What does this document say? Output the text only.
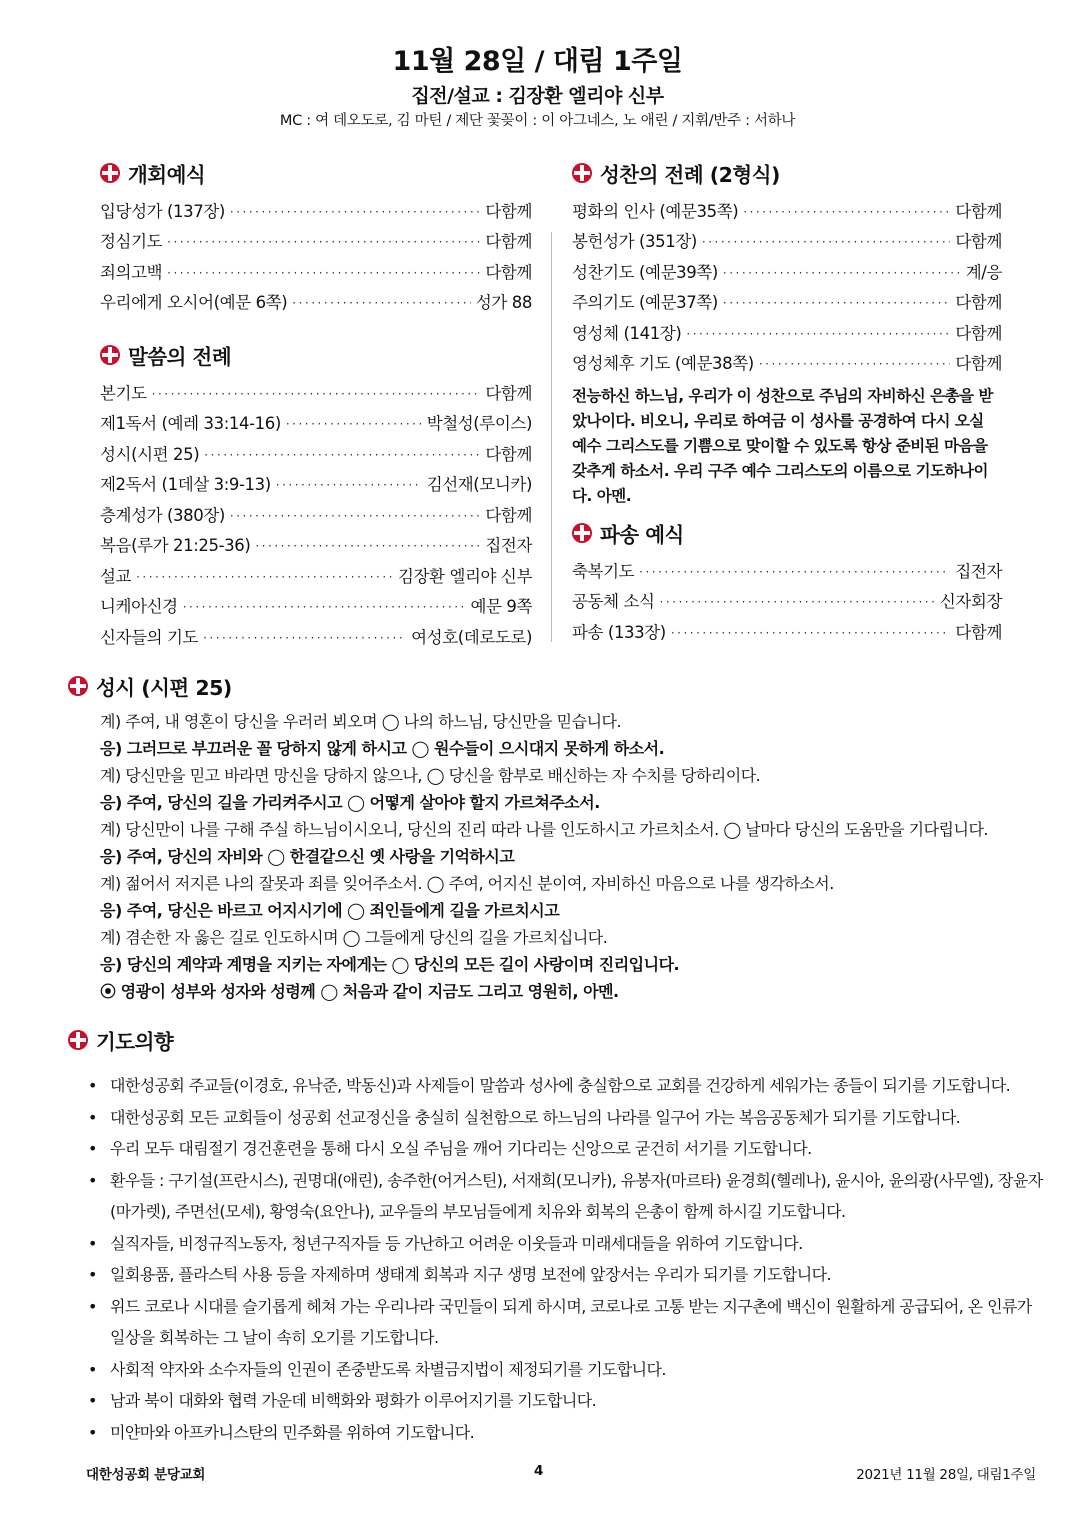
11월 28일 / 대림 1주일
집전/설교 : 김장환 엘리야 신부
MC : 여 데오도로, 김 마틴 / 제단 꽃꽂이 : 이 아그네스, 노 애린 / 지휘/반주 : 서하나
개회예식
입당성가 (137장) ·····	다함께
정심기도 ·····	다함께
죄의고백 ·····	다함께
우리에게 오시어(예문 6쪽) ·····	성가 88
말씀의 전례
본기도 ·····	다함께
제1독서 (예레 33:14-16) ·····	박철성(루이스)
성시(시편 25) ·····	다함께
제2독서 (1데살 3:9-13) ·····	김선재(모니카)
층계성가 (380장) ·····	다함께
복음(루가 21:25-36) ·····	집전자
설교 ·····	김장환 엘리야 신부
니케아신경 ·····	예문 9쪽
신자들의 기도 ·····	여성호(데로도로)
성찬의 전례 (2형식)
평화의 인사 (예문35쪽) ·····	다함께
봉헌성가 (351장) ·····	다함께
성찬기도 (예문39쪽) ·····	계/응
주의기도 (예문37쪽) ·····	다함께
영성체 (141장) ·····	다함께
영성체후 기도 (예문38쪽) ·····	다함께
전능하신 하느님, 우리가 이 성찬으로 주님의 자비하신 은총을 받았나이다. 비오니, 우리로 하여금 이 성사를 공경하여 다시 오실 예수 그리스도를 기쁨으로 맞이할 수 있도록 항상 준비된 마음을 갖추게 하소서. 우리 구주 예수 그리스도의 이름으로 기도하나이다. 아멘.
파송 예식
축복기도 ·····	집전자
공동체 소식 ·····	신자회장
파송 (133장) ·····	다함께
성시 (시편 25)
계) 주여, 내 영혼이 당신을 우러러 뵈오며 ◯ 나의 하느님, 당신만을 믿습니다.
응) 그러므로 부끄러운 꼴 당하지 않게 하시고 ◯ 원수들이 으시대지 못하게 하소서.
계) 당신만을 믿고 바라면 망신을 당하지 않으나, ◯ 당신을 함부로 배신하는 자 수치를 당하리이다.
응) 주여, 당신의 길을 가리켜주시고 ◯ 어떻게 살아야 할지 가르쳐주소서.
계) 당신만이 나를 구해 주실 하느님이시오니, 당신의 진리 따라 나를 인도하시고 가르치소서. ◯ 날마다 당신의 도움만을 기다립니다.
응) 주여, 당신의 자비와 ◯ 한결같으신 옛 사랑을 기억하시고
계) 젊어서 저지른 나의 잘못과 죄를 잊어주소서. ◯ 주여, 어지신 분이여, 자비하신 마음으로 나를 생각하소서.
응) 주여, 당신은 바르고 어지시기에 ◯ 죄인들에게 길을 가르치시고
계) 겸손한 자 옳은 길로 인도하시며 ◯ 그들에게 당신의 길을 가르치십니다.
응) 당신의 계약과 계명을 지키는 자에게는 ◯ 당신의 모든 길이 사랑이며 진리입니다.
⦿ 영광이 성부와 성자와 성령께 ◯ 처음과 같이 지금도 그리고 영원히, 아멘.
기도의향
• 대한성공회 주교들(이경호, 유낙준, 박동신)과 사제들이 말씀과 성사에 충실함으로 교회를 건강하게 세워가는 종들이 되기를 기도합니다.
• 대한성공회 모든 교회들이 성공회 선교정신을 충실히 실천함으로 하느님의 나라를 일구어 가는 복음공동체가 되기를 기도합니다.
• 우리 모두 대림절기 경건훈련을 통해 다시 오실 주님을 깨어 기다리는 신앙으로 굳건히 서기를 기도합니다.
• 환우들 : 구기설(프란시스), 권명대(애린), 송주한(어거스틴), 서재희(모니카), 유봉자(마르타) 윤경희(헬레나), 윤시아, 윤의광(사무엘), 장윤자(마가렛), 주면선(모세), 황영숙(요안나), 교우들의 부모님들에게 치유와 회복의 은총이 함께 하시길 기도합니다.
• 실직자들, 비정규직노동자, 청년구직자들 등 가난하고 어려운 이웃들과 미래세대들을 위하여 기도합니다.
• 일회용품, 플라스틱 사용 등을 자제하며 생태계 회복과 지구 생명 보전에 앞장서는 우리가 되기를 기도합니다.
• 위드 코로나 시대를 슬기롭게 헤쳐 가는 우리나라 국민들이 되게 하시며, 코로나로 고통 받는 지구촌에 백신이 원활하게 공급되어, 온 인류가 일상을 회복하는 그 날이 속히 오기를 기도합니다.
• 사회적 약자와 소수자들의 인권이 존중받도록 차별금지법이 제정되기를 기도합니다.
• 남과 북이 대화와 협력 가운데 비핵화와 평화가 이루어지기를 기도합니다.
• 미얀마와 아프카니스탄의 민주화를 위하여 기도합니다.
대한성공회 분당교회	4	2021년 11월 28일, 대림1주일
